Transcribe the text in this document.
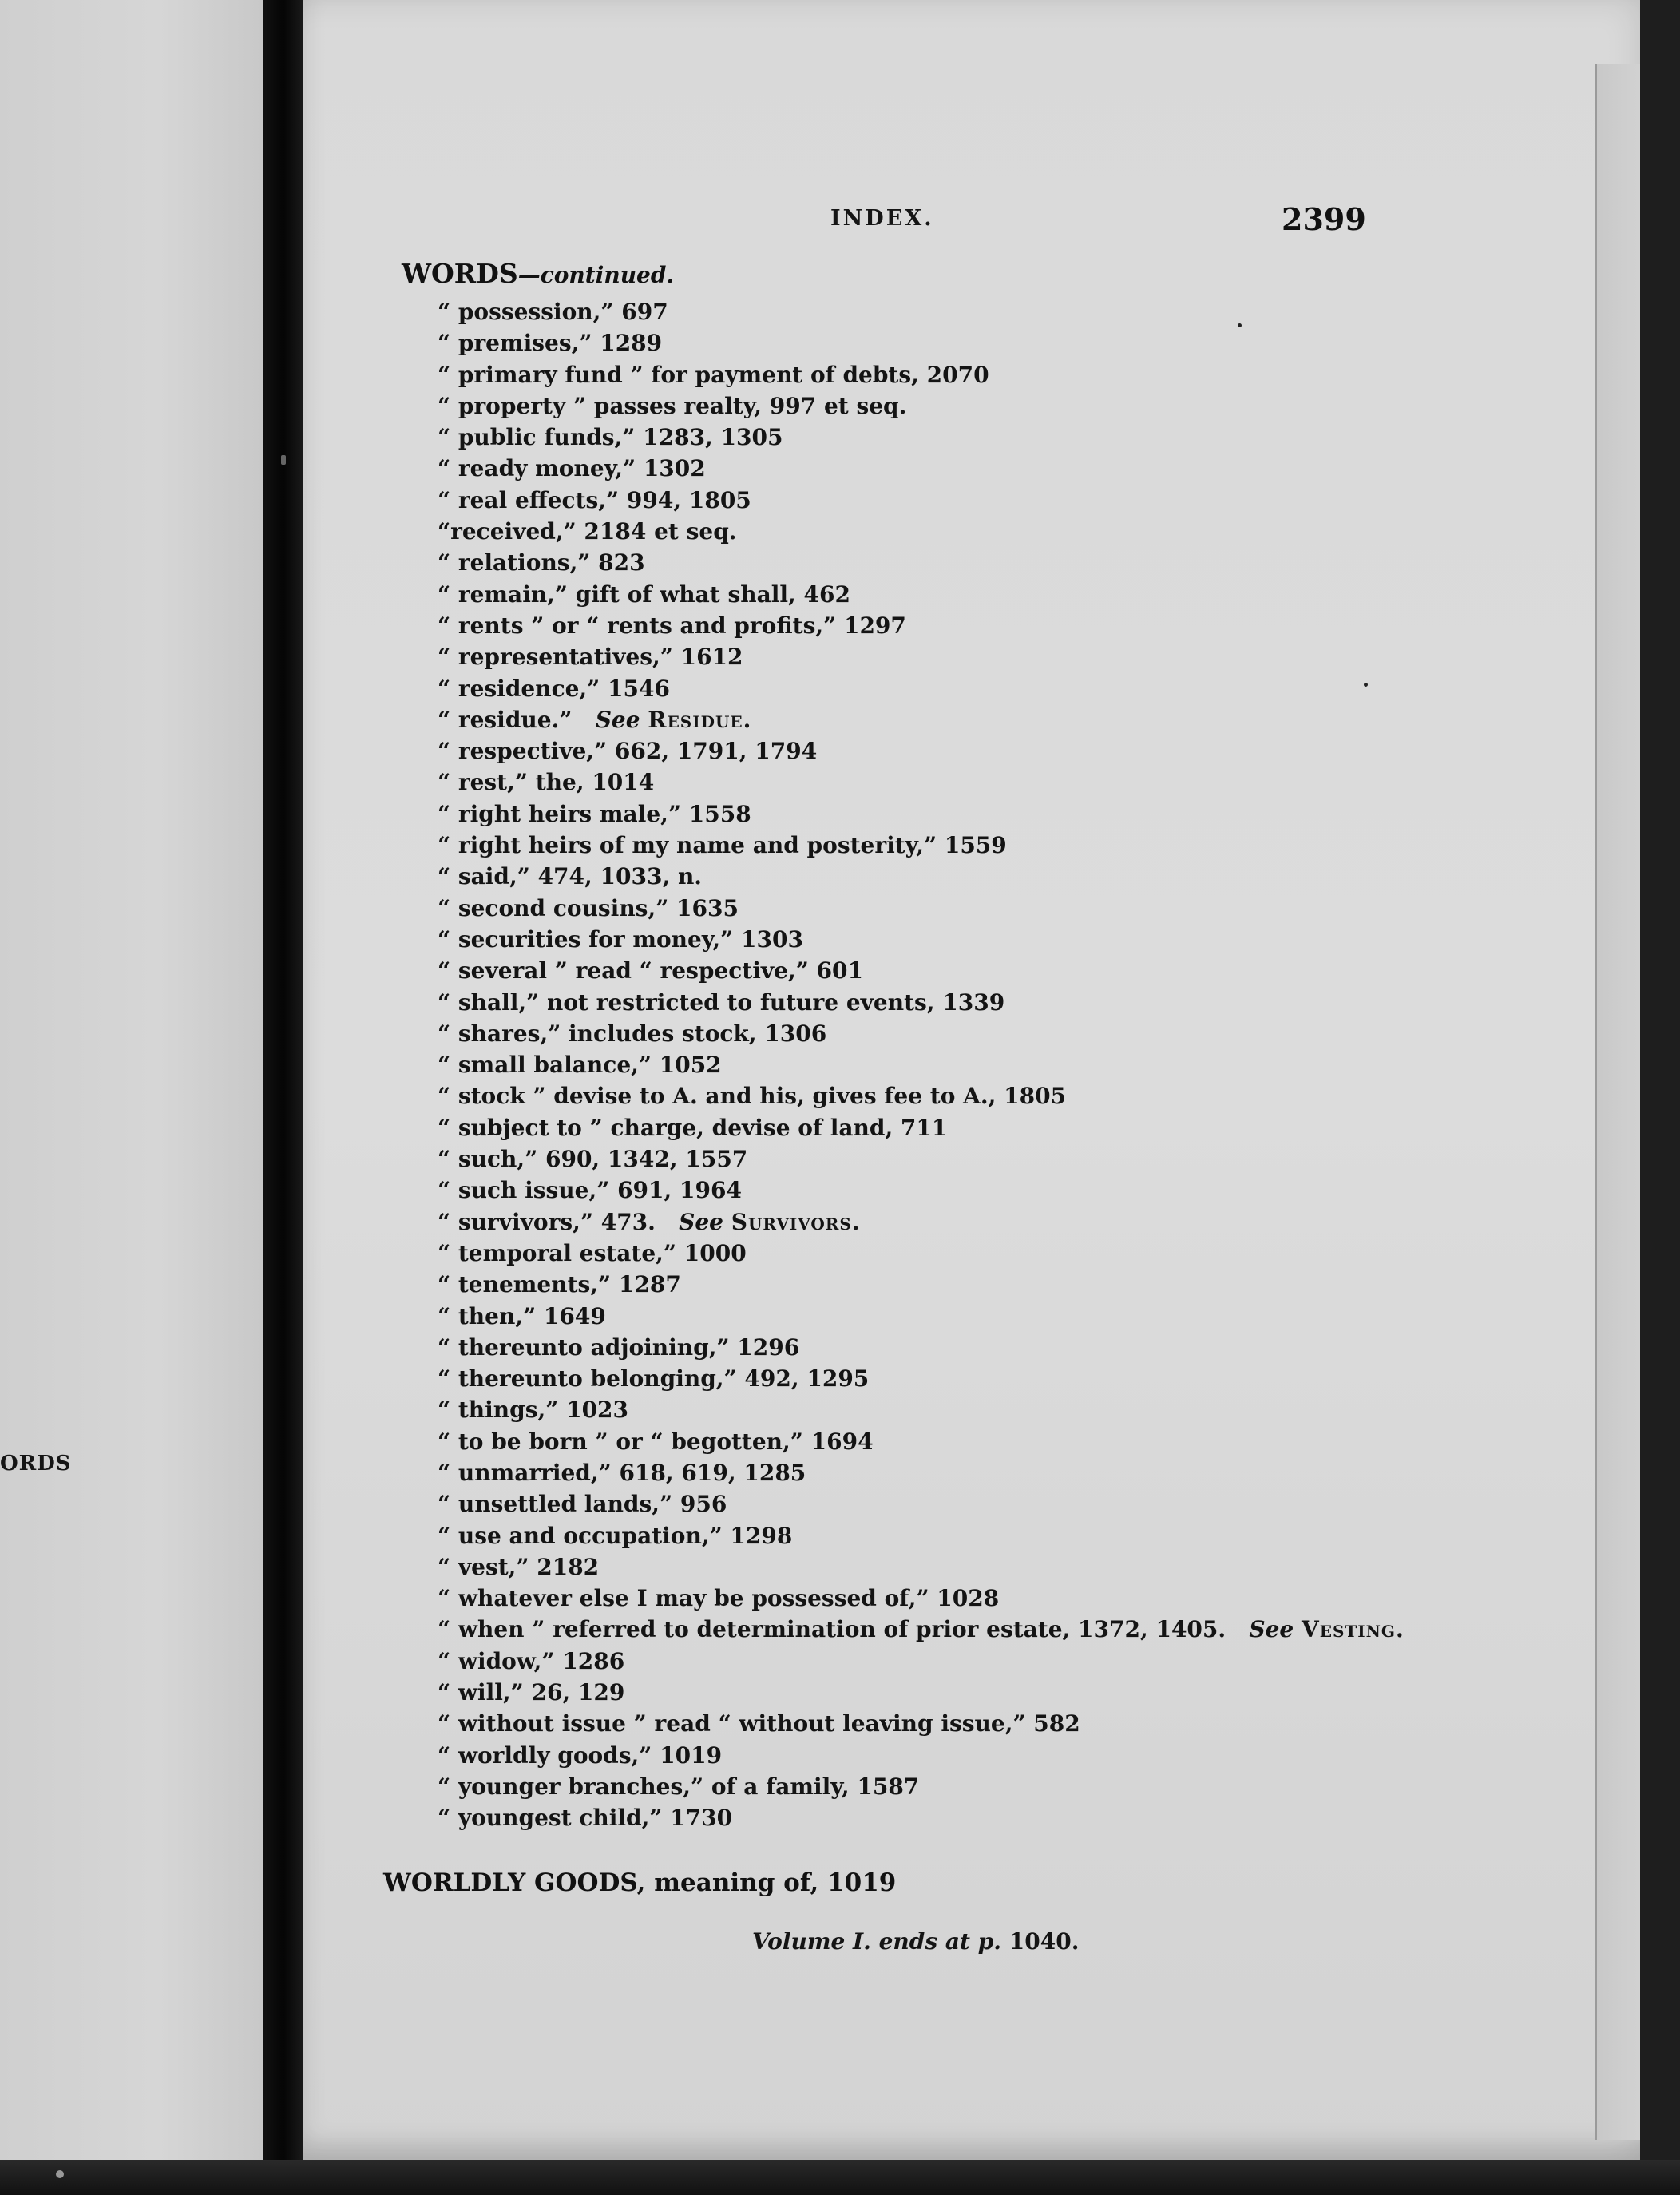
ORDS
INDEX.	2399
WORDS—continued.
“ possession,” 697
“ premises,” 1289
“ primary fund ” for payment of debts, 2070
“ property ” passes realty, 997 et seq.
“ public funds,” 1283, 1305
“ ready money,” 1302
“ real effects,” 994, 1805
“received,” 2184 et seq.
“ relations,” 823
“ remain,” gift of what shall, 462
“ rents ” or “ rents and profits,” 1297
“ representatives,” 1612
“ residence,” 1546
“ residue.” See Residue.
“ respective,” 662, 1791, 1794
“ rest,” the, 1014
“ right heirs male,” 1558
“ right heirs of my name and posterity,” 1559
“ said,” 474, 1033, n.
“ second cousins,” 1635
“ securities for money,” 1303
“ several ” read “ respective,” 601
“ shall,” not restricted to future events, 1339
“ shares,” includes stock, 1306
“ small balance,” 1052
“ stock ” devise to A. and his, gives fee to A., 1805
“ subject to ” charge, devise of land, 711
“ such,” 690, 1342, 1557
“ such issue,” 691, 1964
“ survivors,” 473. See Survivors.
“ temporal estate,” 1000
“ tenements,” 1287
“ then,” 1649
“ thereunto adjoining,” 1296
“ thereunto belonging,” 492, 1295
“ things,” 1023
“ to be born ” or “ begotten,” 1694
“ unmarried,” 618, 619, 1285
“ unsettled lands,” 956
“ use and occupation,” 1298
“ vest,” 2182
“ whatever else I may be possessed of,” 1028
“ when ” referred to determination of prior estate, 1372, 1405. See Vesting.
“ widow,” 1286
“ will,” 26, 129
“ without issue ” read “ without leaving issue,” 582
“ worldly goods,” 1019
“ younger branches,” of a family, 1587
“ youngest child,” 1730
WORLDLY GOODS, meaning of, 1019
Volume I. ends at p. 1040.
